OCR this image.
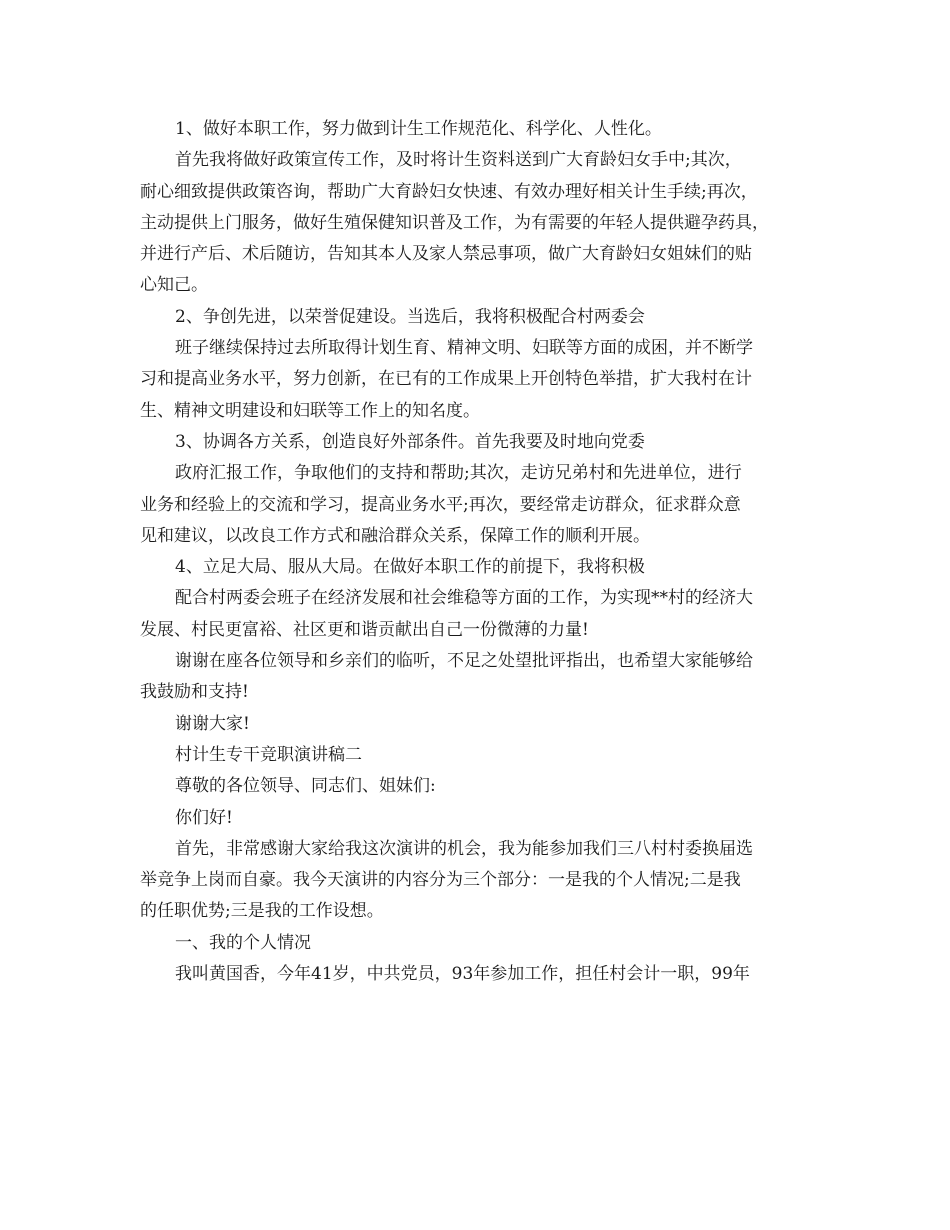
1、做好本职工作，努力做到计生工作规范化、科学化、人性化。
首先我将做好政策宣传工作，及时将计生资料送到广大育龄妇女手中;其次，
耐心细致提供政策咨询，帮助广大育龄妇女快速、有效办理好相关计生手续;再次，
主动提供上门服务，做好生殖保健知识普及工作，为有需要的年轻人提供避孕药具，
并进行产后、术后随访，告知其本人及家人禁忌事项，做广大育龄妇女姐妹们的贴
心知己。
2、争创先进，以荣誉促建设。当选后，我将积极配合村两委会
班子继续保持过去所取得计划生育、精神文明、妇联等方面的成困，并不断学
习和提高业务水平，努力创新，在已有的工作成果上开创特色举措，扩大我村在计
生、精神文明建设和妇联等工作上的知名度。
3、协调各方关系，创造良好外部条件。首先我要及时地向党委
政府汇报工作，争取他们的支持和帮助;其次，走访兄弟村和先进单位，进行
业务和经验上的交流和学习，提高业务水平;再次，要经常走访群众，征求群众意
见和建议，以改良工作方式和融洽群众关系，保障工作的顺利开展。
4、立足大局、服从大局。在做好本职工作的前提下，我将积极
配合村两委会班子在经济发展和社会维稳等方面的工作，为实现**村的经济大
发展、村民更富裕、社区更和谐贡献出自己一份微薄的力量!
谢谢在座各位领导和乡亲们的临听，不足之处望批评指出，也希望大家能够给
我鼓励和支持!
谢谢大家!
村计生专干竞职演讲稿二
尊敬的各位领导、同志们、姐妹们:
你们好!
首先，非常感谢大家给我这次演讲的机会，我为能参加我们三八村村委换届选
举竞争上岗而自豪。我今天演讲的内容分为三个部分：一是我的个人情况;二是我
的任职优势;三是我的工作设想。
一、我的个人情况
我叫黄国香，今年41岁，中共党员，93年参加工作，担任村会计一职，99年
